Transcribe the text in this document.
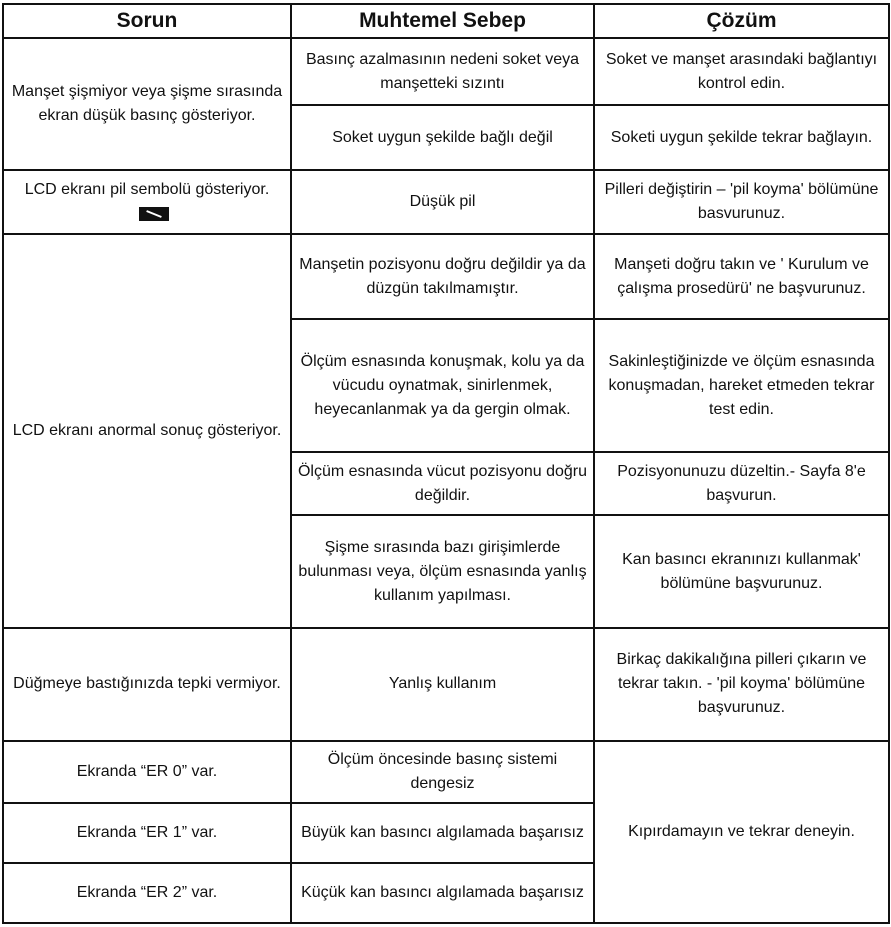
Sorun	Muhtemel Sebep	Çözüm
Manşet şişmiyor veya şişme sırasında ekran düşük basınç gösteriyor.	Basınç azalmasının nedeni soket veya manşetteki sızıntı	Soket ve manşet arasındaki bağlantıyı kontrol edin.
	Soket uygun şekilde bağlı değil	Soketi uygun şekilde tekrar bağlayın.
LCD ekranı pil sembolü gösteriyor.	Düşük pil	Pilleri değiştirin – 'pil koyma' bölümüne basvurunuz.
LCD ekranı anormal sonuç gösteriyor.	Manşetin pozisyonu doğru değildir ya da düzgün takılmamıştır.	Manşeti doğru takın ve ' Kurulum ve çalışma prosedürü' ne başvurunuz.
	Ölçüm esnasında konuşmak, kolu ya da vücudu oynatmak, sinirlenmek, heyecanlanmak ya da gergin olmak.	Sakinleştiğinizde ve ölçüm esnasında konuşmadan, hareket etmeden tekrar test edin.
	Ölçüm esnasında vücut pozisyonu doğru değildir.	Pozisyonunuzu düzeltin.- Sayfa 8'e başvurun.
	Şişme sırasında bazı girişimlerde bulunması veya, ölçüm esnasında yanlış kullanım yapılması.	Kan basıncı ekranınızı kullanmak' bölümüne başvurunuz.
Düğmeye bastığınızda tepki vermiyor.	Yanlış kullanım	Birkaç dakikalığına pilleri çıkarın ve tekrar takın. - 'pil koyma' bölümüne başvurunuz.
Ekranda “ER 0” var.	Ölçüm öncesinde basınç sistemi dengesiz	Kıpırdamayın ve tekrar deneyin.
Ekranda “ER 1” var.	Büyük kan basıncı algılamada başarısız	
Ekranda “ER 2” var.	Küçük kan basıncı algılamada başarısız	
